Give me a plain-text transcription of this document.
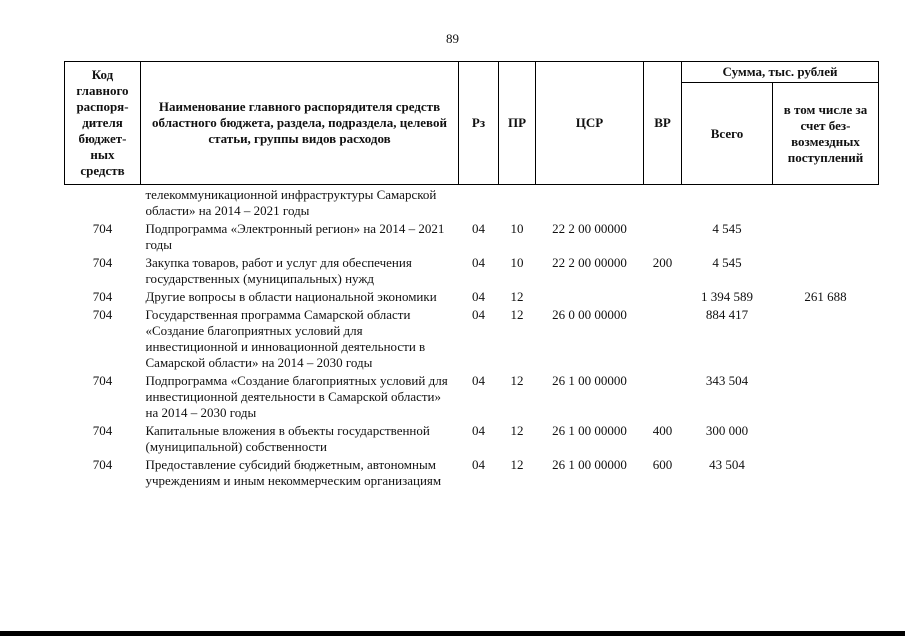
89
Код главного распоря-дителя бюджет-ных средств	Наименование главного распорядителя средств областного бюджета, раздела, подраздела, целевой статьи, группы видов расходов	Рз	ПР	ЦСР	ВР	Сумма, тыс. рублей	
						Всего	в том числе за счет без-возмездных поступлений
	телекоммуникационной инфраструктуры Самарской области» на 2014 – 2021 годы						
704	Подпрограмма «Электронный регион» на 2014 – 2021 годы	04	10	22 2 00 00000		4 545	
704	Закупка товаров, работ и услуг для обеспечения государственных (муниципальных) нужд	04	10	22 2 00 00000	200	4 545	
704	Другие вопросы в области национальной экономики	04	12			1 394 589	261 688
704	Государственная программа Самарской области «Создание благоприятных условий для инвестиционной и инновационной деятельности в Самарской области» на 2014 – 2030 годы	04	12	26 0 00 00000		884 417	
704	Подпрограмма «Создание благоприятных условий для инвестиционной деятельности в Самарской области» на 2014 – 2030 годы	04	12	26 1 00 00000		343 504	
704	Капитальные вложения в объекты государственной (муниципальной) собственности	04	12	26 1 00 00000	400	300 000	
704	Предоставление субсидий бюджетным, автономным учреждениям и иным некоммерческим организациям	04	12	26 1 00 00000	600	43 504	
